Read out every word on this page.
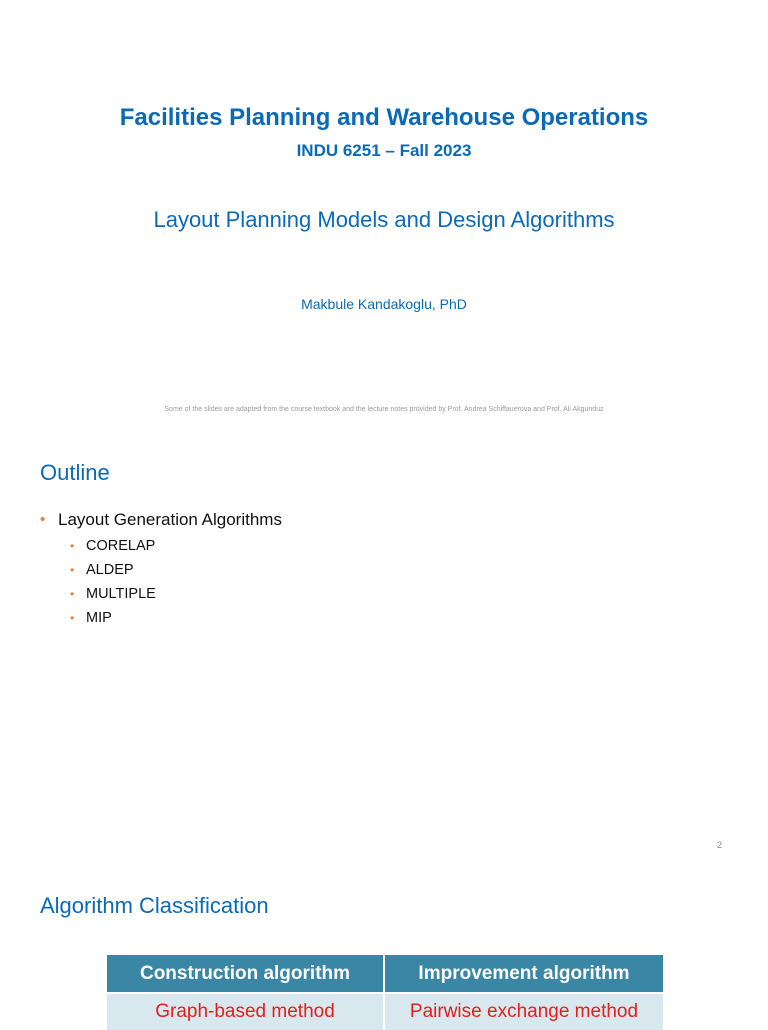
Facilities Planning and Warehouse Operations
INDU 6251 – Fall 2023
Layout Planning Models and Design Algorithms
Makbule Kandakoglu, PhD
Some of the slides are adapted from the course textbook and the lecture notes provided by Prof. Andrea Schiffauerova and Prof. Ali Akgunduz
Outline
• Layout Generation Algorithms
• CORELAP
• ALDEP
• MULTIPLE
• MIP
2
Algorithm Classification
Construction algorithm	Improvement algorithm
Graph-based method	Pairwise exchange method
